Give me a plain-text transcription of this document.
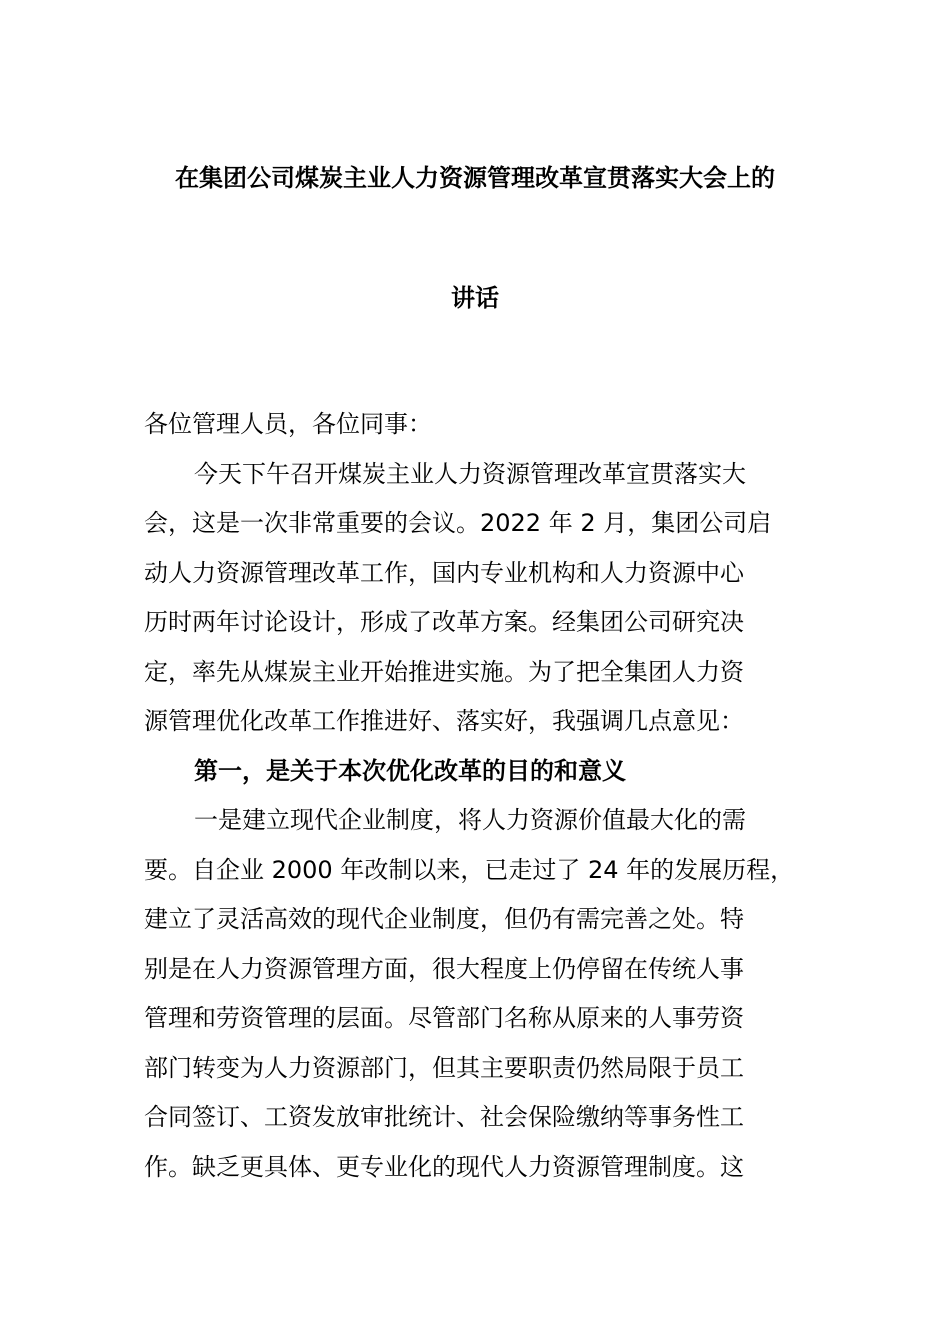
在集团公司煤炭主业人力资源管理改革宣贯落实大会上的
讲话

各位管理人员，各位同事：

今天下午召开煤炭主业人力资源管理改革宣贯落实大

会，这是一次非常重要的会议。2022 年 2 月，集团公司启

动人力资源管理改革工作，国内专业机构和人力资源中心

历时两年讨论设计，形成了改革方案。经集团公司研究决

定，率先从煤炭主业开始推进实施。为了把全集团人力资

源管理优化改革工作推进好、落实好，我强调几点意见：

第一，是关于本次优化改革的目的和意义

一是建立现代企业制度，将人力资源价值最大化的需

要。自企业 2000 年改制以来，已走过了 24 年的发展历程，

建立了灵活高效的现代企业制度，但仍有需完善之处。特

别是在人力资源管理方面，很大程度上仍停留在传统人事

管理和劳资管理的层面。尽管部门名称从原来的人事劳资

部门转变为人力资源部门，但其主要职责仍然局限于员工

合同签订、工资发放审批统计、社会保险缴纳等事务性工

作。缺乏更具体、更专业化的现代人力资源管理制度。这
